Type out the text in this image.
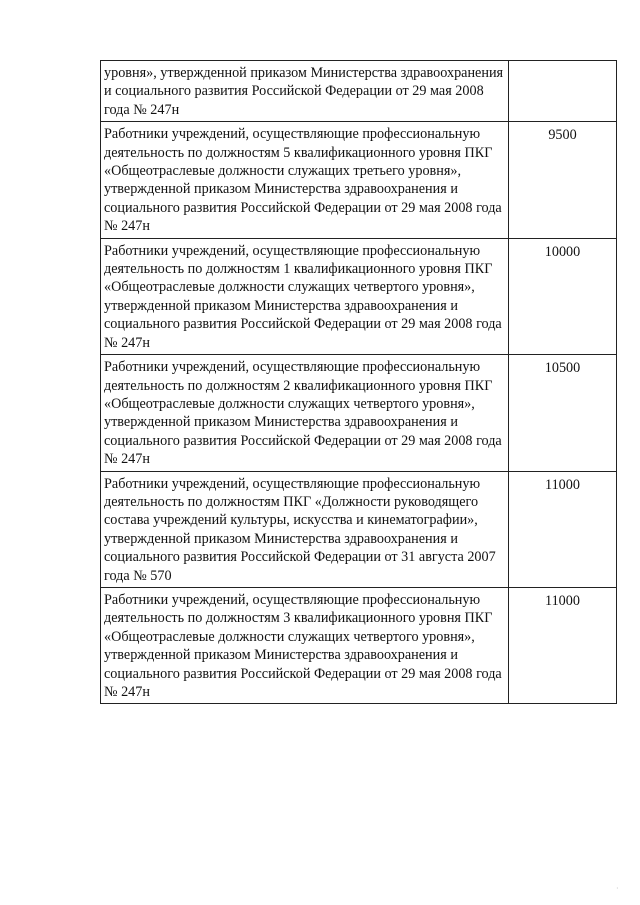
уровня», утвержденной приказом Министерства здравоохранения и социального развития Российской Федерации от 29 мая 2008 года № 247н	
Работники учреждений, осуществляющие профессиональную деятельность по должностям 5 квалификационного уровня ПКГ «Общеотраслевые должности служащих третьего уровня», утвержденной приказом Министерства здравоохранения и социального развития Российской Федерации от 29 мая 2008 года № 247н	9500
Работники учреждений, осуществляющие профессиональную деятельность по должностям 1 квалификационного уровня ПКГ «Общеотраслевые должности служащих четвертого уровня», утвержденной приказом Министерства здравоохранения и социального развития Российской Федерации от 29 мая 2008 года № 247н	10000
Работники учреждений, осуществляющие профессиональную деятельность по должностям 2 квалификационного уровня ПКГ «Общеотраслевые должности служащих четвертого уровня», утвержденной приказом Министерства здравоохранения и социального развития Российской Федерации от 29 мая 2008 года № 247н	10500
Работники учреждений, осуществляющие профессиональную деятельность по должностям ПКГ «Должности руководящего состава учреждений культуры, искусства и кинематографии», утвержденной приказом Министерства здравоохранения и социального развития Российской Федерации от 31 августа 2007 года № 570	11000
Работники учреждений, осуществляющие профессиональную деятельность по должностям 3 квалификационного уровня ПКГ «Общеотраслевые должности служащих четвертого уровня», утвержденной приказом Министерства здравоохранения и социального развития Российской Федерации от 29 мая 2008 года № 247н	11000
·
